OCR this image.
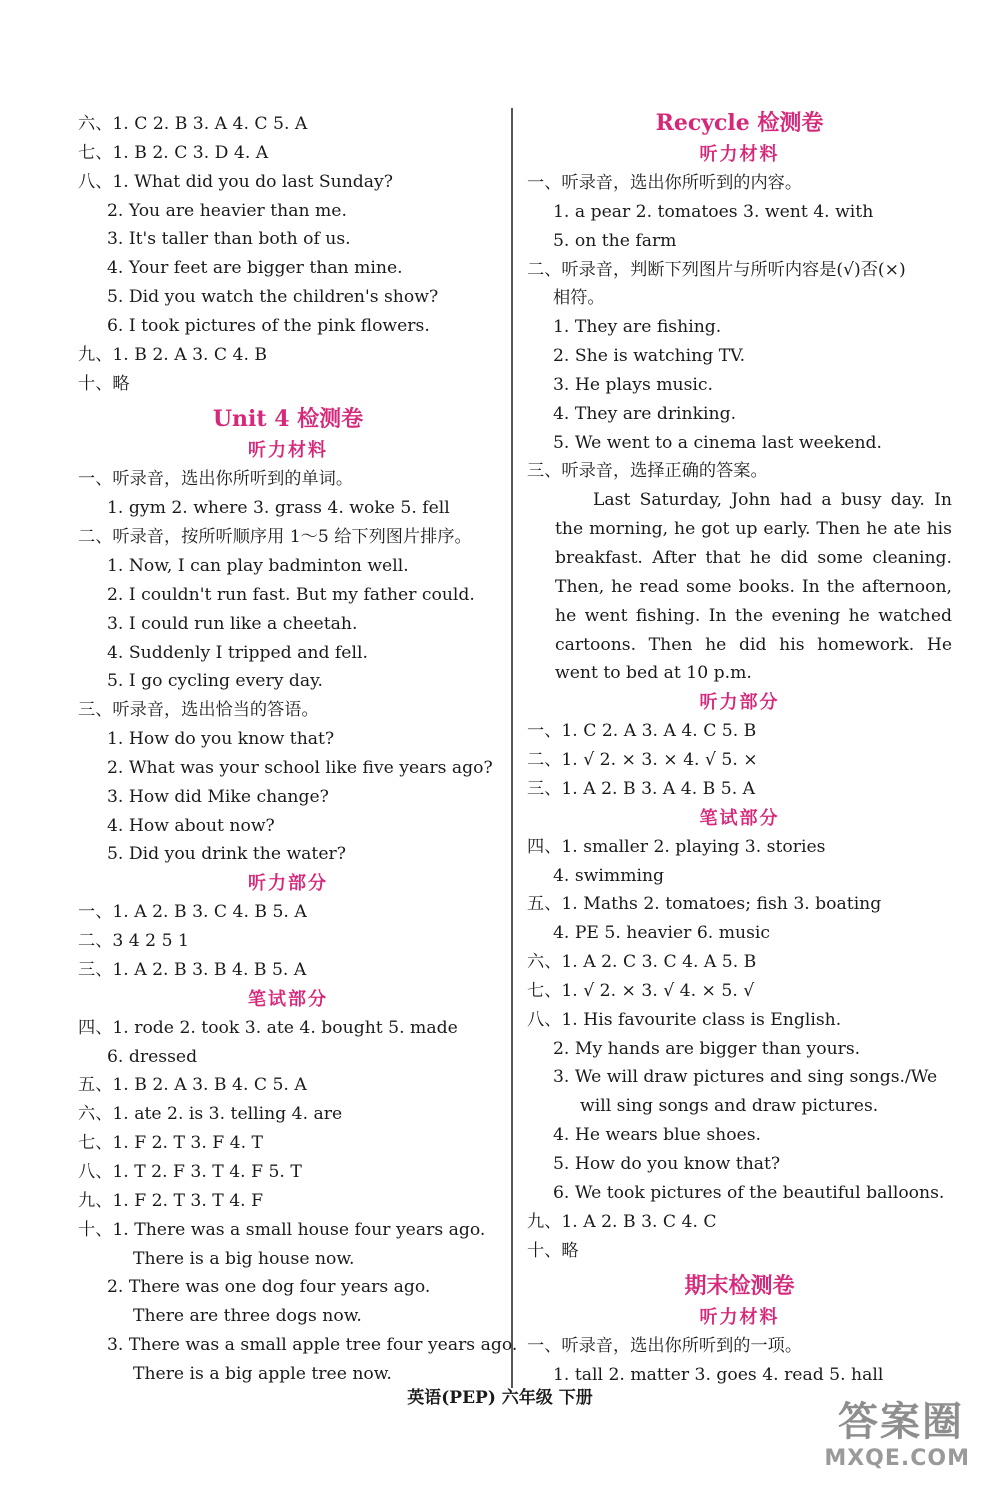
六、1. C 2. B 3. A 4. C 5. A
七、1. B 2. C 3. D 4. A
八、1. What did you do last Sunday?
2. You are heavier than me.
3. It's taller than both of us.
4. Your feet are bigger than mine.
5. Did you watch the children's show?
6. I took pictures of the pink flowers.
九、1. B 2. A 3. C 4. B
十、略
Unit 4 检测卷
听力材料
一、听录音，选出你所听到的单词。
1. gym 2. where 3. grass 4. woke 5. fell
二、听录音，按所听顺序用 1～5 给下列图片排序。
1. Now, I can play badminton well.
2. I couldn't run fast. But my father could.
3. I could run like a cheetah.
4. Suddenly I tripped and fell.
5. I go cycling every day.
三、听录音，选出恰当的答语。
1. How do you know that?
2. What was your school like five years ago?
3. How did Mike change?
4. How about now?
5. Did you drink the water?
听力部分
一、1. A 2. B 3. C 4. B 5. A
二、3 4 2 5 1
三、1. A 2. B 3. B 4. B 5. A
笔试部分
四、1. rode 2. took 3. ate 4. bought 5. made
6. dressed
五、1. B 2. A 3. B 4. C 5. A
六、1. ate 2. is 3. telling 4. are
七、1. F 2. T 3. F 4. T
八、1. T 2. F 3. T 4. F 5. T
九、1. F 2. T 3. T 4. F
十、1. There was a small house four years ago.
There is a big house now.
2. There was one dog four years ago.
There are three dogs now.
3. There was a small apple tree four years ago.
There is a big apple tree now.
Recycle 检测卷
听力材料
一、听录音，选出你所听到的内容。
1. a pear 2. tomatoes 3. went 4. with
5. on the farm
二、听录音，判断下列图片与所听内容是(√)否(×)
相符。
1. They are fishing.
2. She is watching TV.
3. He plays music.
4. They are drinking.
5. We went to a cinema last weekend.
三、听录音，选择正确的答案。
Last Saturday, John had a busy day. In the morning, he got up early. Then he ate his breakfast. After that he did some cleaning. Then, he read some books. In the afternoon, he went fishing. In the evening he watched cartoons. Then he did his homework. He went to bed at 10 p.m.
听力部分
一、1. C 2. A 3. A 4. C 5. B
二、1. √ 2. × 3. × 4. √ 5. ×
三、1. A 2. B 3. A 4. B 5. A
笔试部分
四、1. smaller 2. playing 3. stories
4. swimming
五、1. Maths 2. tomatoes; fish 3. boating
4. PE 5. heavier 6. music
六、1. A 2. C 3. C 4. A 5. B
七、1. √ 2. × 3. √ 4. × 5. √
八、1. His favourite class is English.
2. My hands are bigger than yours.
3. We will draw pictures and sing songs./We
will sing songs and draw pictures.
4. He wears blue shoes.
5. How do you know that?
6. We took pictures of the beautiful balloons.
九、1. A 2. B 3. C 4. C
十、略
期末检测卷
听力材料
一、听录音，选出你所听到的一项。
1. tall 2. matter 3. goes 4. read 5. hall
英语(PEP) 六年级 下册
答案圈
MXQE.COM
